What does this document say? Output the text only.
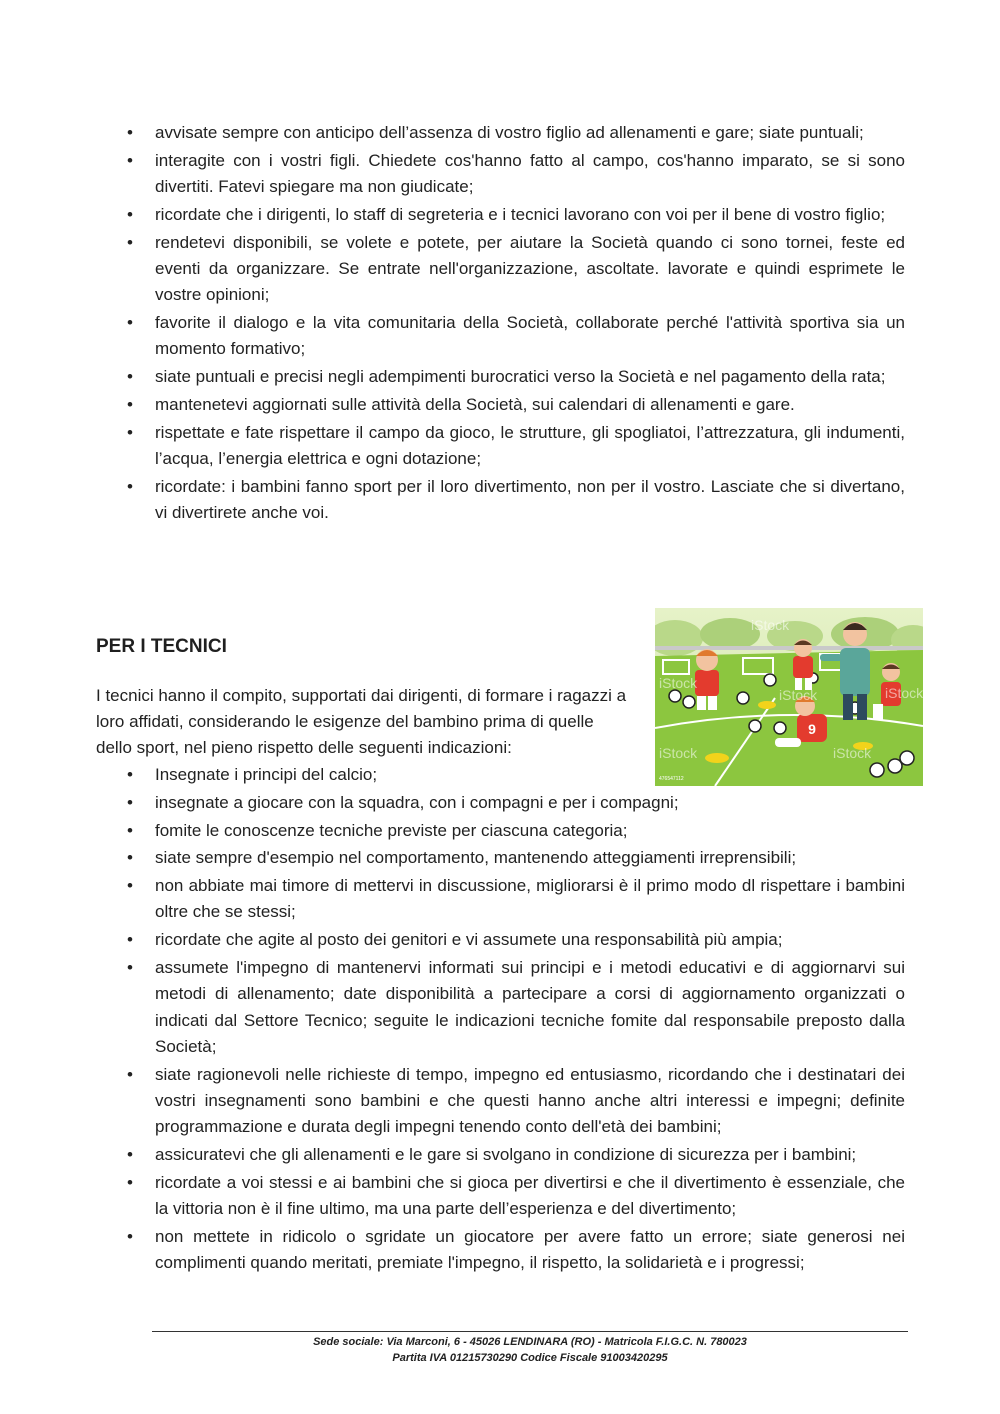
• avvisate sempre con anticipo dell’assenza di vostro figlio ad allenamenti e gare; siate puntuali;
• interagite con i vostri figli. Chiedete cos'hanno fatto al campo, cos'hanno imparato, se si sono divertiti. Fatevi spiegare ma non giudicate;
• ricordate che i dirigenti, lo staff di segreteria e i tecnici lavorano con voi per il bene di vostro figlio;
• rendetevi disponibili, se volete e potete, per aiutare la Società quando ci sono tornei, feste ed eventi da organizzare. Se entrate nell'organizzazione, ascoltate. lavorate e quindi esprimete le vostre opinioni;
• favorite il dialogo e la vita comunitaria della Società, collaborate perché l'attività sportiva sia un momento formativo;
• siate puntuali e precisi negli adempimenti burocratici verso la Società e nel pagamento della rata;
• mantenetevi aggiornati sulle attività della Società, sui calendari di allenamenti e gare.
• rispettate e fate rispettare il campo da gioco, le strutture, gli spogliatoi, l’attrezzatura, gli indumenti, l’acqua, l’energia elettrica e ogni dotazione;
• ricordate: i bambini fanno sport per il loro divertimento, non per il vostro. Lasciate che si divertano, vi divertirete anche voi.
PER I TECNICI

I tecnici hanno il compito, supportati dai dirigenti, di formare i ragazzi a loro affidati, considerando le esigenze del bambino prima di quelle dello sport, nel pieno rispetto delle seguenti indicazioni:

9
iStock
iStock
iStock	iStock
iStock	iStock
476547112
• Insegnate i principi del calcio;
• insegnate a giocare con la squadra, con i compagni e per i compagni;
• fomite le conoscenze tecniche previste per ciascuna categoria;
• siate sempre d'esempio nel comportamento, mantenendo atteggiamenti irreprensibili;
• non abbiate mai timore di mettervi in discussione, migliorarsi è il primo modo dl rispettare i bambini oltre che se stessi;
• ricordate che agite al posto dei genitori e vi assumete una responsabilità più ampia;
• assumete l'impegno di mantenervi informati sui principi e i metodi educativi e di aggiornarvi sui metodi di allenamento; date disponibilità a partecipare a corsi di aggiornamento organizzati o indicati dal Settore Tecnico; seguite le indicazioni tecniche fomite dal responsabile preposto dalla Società;
• siate ragionevoli nelle richieste di tempo, impegno ed entusiasmo, ricordando che i destinatari dei vostri insegnamenti sono bambini e che questi hanno anche altri interessi e impegni; definite programmazione e durata degli impegni tenendo conto dell'età dei bambini;
• assicuratevi che gli allenamenti e le gare si svolgano in condizione di sicurezza per i bambini;
• ricordate a voi stessi e ai bambini che si gioca per divertirsi e che il divertimento è essenziale, che la vittoria non è il fine ultimo, ma una parte dell’esperienza e del divertimento;
• non mettete in ridicolo o sgridate un giocatore per avere fatto un errore; siate generosi nei complimenti quando meritati, premiate l'impegno, il rispetto, la solidarietà e i progressi;
Sede sociale: Via Marconi, 6 - 45026 LENDINARA (RO) - Matricola F.I.G.C. N. 780023
Partita IVA 01215730290 Codice Fiscale 91003420295
